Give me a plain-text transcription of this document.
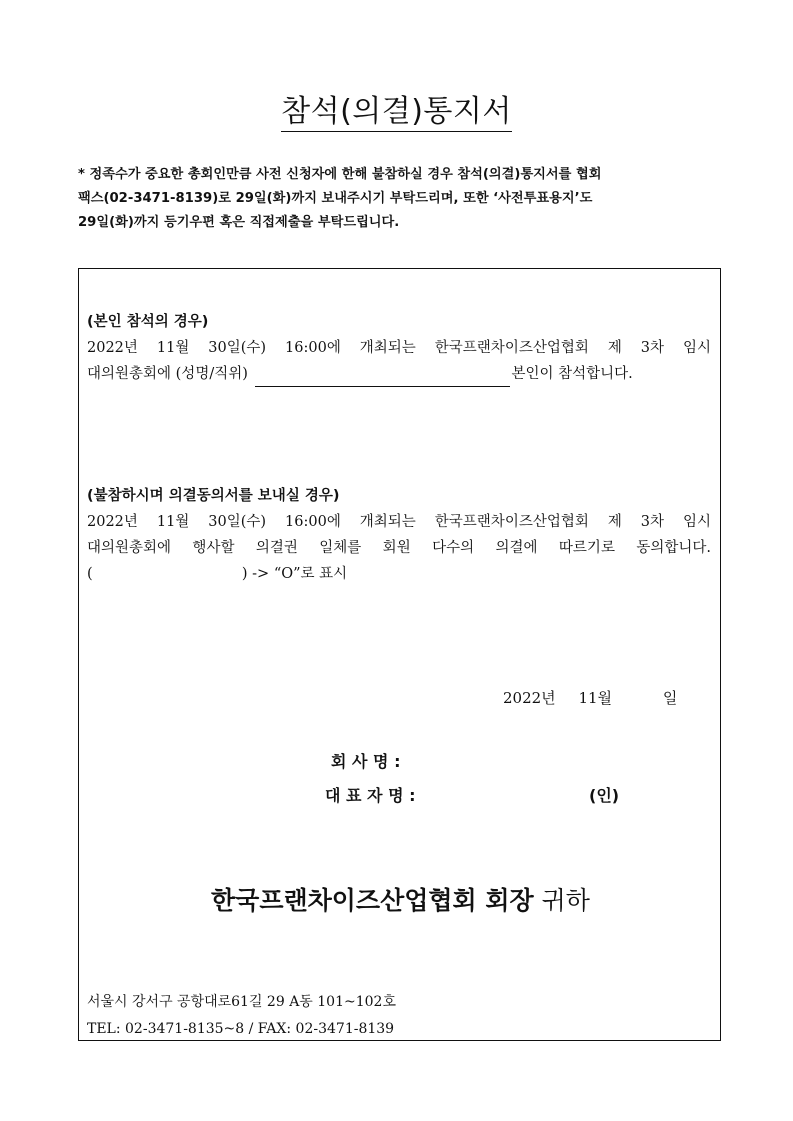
참석(의결)통지서
* 정족수가 중요한 총회인만큼 사전 신청자에 한해 불참하실 경우 참석(의결)통지서를 협회
팩스(02-3471-8139)로 29일(화)까지 보내주시기 부탁드리며, 또한 ‘사전투표용지’도
29일(화)까지 등기우편 혹은 직접제출을 부탁드립니다.
(본인 참석의 경우)
2022년 11월 30일(수) 16:00에 개최되는 한국프랜차이즈산업협회 제 3차 임시
대의원총회에 (성명/직위)	본인이 참석합니다.
(불참하시며 의결동의서를 보내실 경우)
2022년 11월 30일(수) 16:00에 개최되는 한국프랜차이즈산업협회 제 3차 임시
대의원총회에 행사할 의결권 일체를 회원 다수의 의결에 따르기로 동의합니다.
(	) -> “O”로 표시
2022년 11월	일
회 사 명 :
대 표 자 명 :	(인)
한국프랜차이즈산업협회 회장 귀하
서울시 강서구 공항대로61길 29 A동 101~102호
TEL: 02-3471-8135~8 / FAX: 02-3471-8139
